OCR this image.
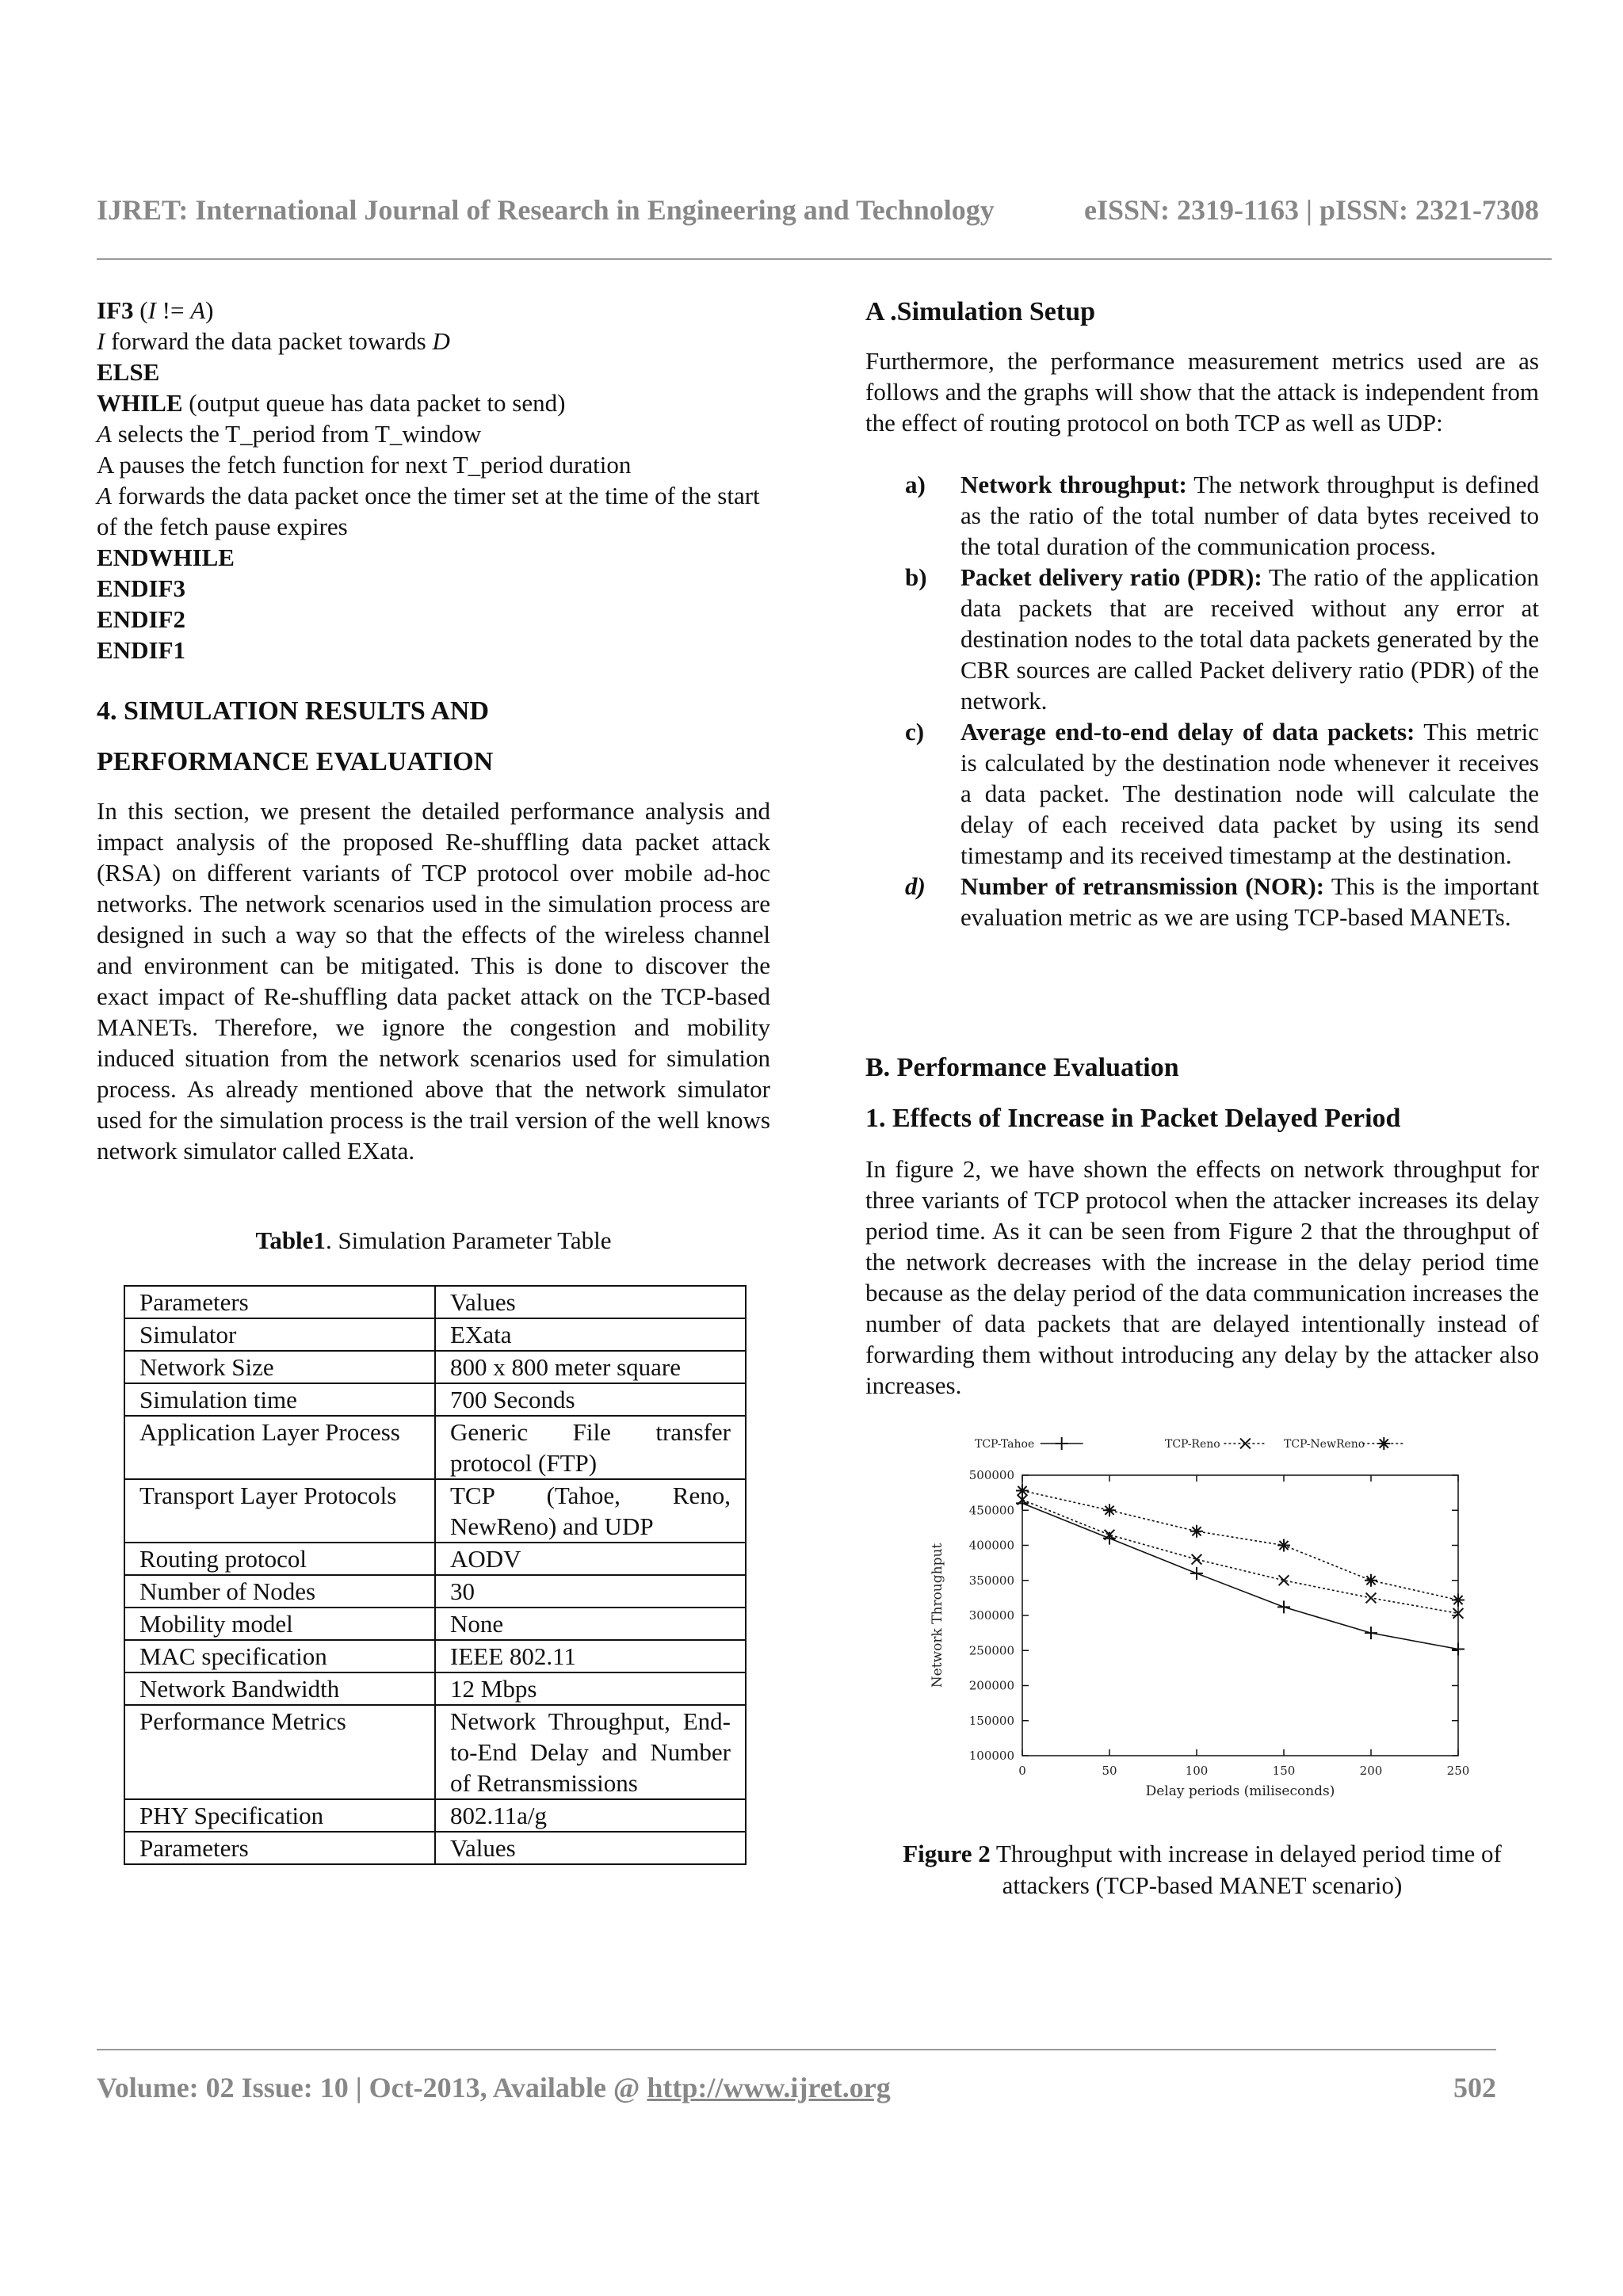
IJRET: International Journal of Research in Engineering and Technology	eISSN: 2319-1163 | pISSN: 2321-7308

IF3 (I != A)

I forward the data packet towards D

ELSE

WHILE (output queue has data packet to send)

A selects the T_period from T_window

A pauses the fetch function for next T_period duration

A forwards the data packet once the timer set at the time of the start of the fetch pause expires

ENDWHILE

ENDIF3

ENDIF2

ENDIF1

4. SIMULATION RESULTS AND
PERFORMANCE EVALUATION

In this section, we present the detailed performance analysis and impact analysis of the proposed Re-shuffling data packet attack (RSA) on different variants of TCP protocol over mobile ad-hoc networks. The network scenarios used in the simulation process are designed in such a way so that the effects of the wireless channel and environment can be mitigated. This is done to discover the exact impact of Re-shuffling data packet attack on the TCP-based MANETs. Therefore, we ignore the congestion and mobility induced situation from the network scenarios used for simulation process. As already mentioned above that the network simulator used for the simulation process is the trail version of the well knows network simulator called EXata.

Table1. Simulation Parameter Table
Parameters	Values
Simulator	EXata
Network Size	800 x 800 meter square
Simulation time	700 Seconds
Application Layer Process	Generic File transfer protocol (FTP)
Transport Layer Protocols	TCP (Tahoe, Reno, NewReno) and UDP
Routing protocol	AODV
Number of Nodes	30
Mobility model	None
MAC specification	IEEE 802.11
Network Bandwidth	12 Mbps
Performance Metrics	Network Throughput, End-to-End Delay and Number of Retransmissions
PHY Specification	802.11a/g
Parameters	Values
A .Simulation Setup

Furthermore, the performance measurement metrics used are as follows and the graphs will show that the attack is independent from the effect of routing protocol on both TCP as well as UDP:

a) Network throughput: The network throughput is defined as the ratio of the total number of data bytes received to the total duration of the communication process.
b) Packet delivery ratio (PDR): The ratio of the application data packets that are received without any error at destination nodes to the total data packets generated by the CBR sources are called Packet delivery ratio (PDR) of the network.
c) Average end-to-end delay of data packets: This metric is calculated by the destination node whenever it receives a data packet. The destination node will calculate the delay of each received data packet by using its send timestamp and its received timestamp at the destination.
d) Number of retransmission (NOR): This is the important evaluation metric as we are using TCP-based MANETs.
B. Performance Evaluation
1. Effects of Increase in Packet Delayed Period

In figure 2, we have shown the effects on network throughput for three variants of TCP protocol when the attacker increases its delay period time. As it can be seen from Figure 2 that the throughput of the network decreases with the increase in the delay period time because as the delay period of the data communication increases the number of data packets that are delayed intentionally instead of forwarding them without introducing any delay by the attacker also increases.

100000
150000
200000
250000
300000
350000
400000
450000
500000
0	50	100	150	200	250
Delay periods (miliseconds)
Network Throughput
TCP-Tahoe	TCP-Reno	TCP-NewReno
Figure 2 Throughput with increase in delayed period time of attackers (TCP-based MANET scenario)
Volume: 02 Issue: 10 | Oct-2013, Available @ http://www.ijret.org	502
